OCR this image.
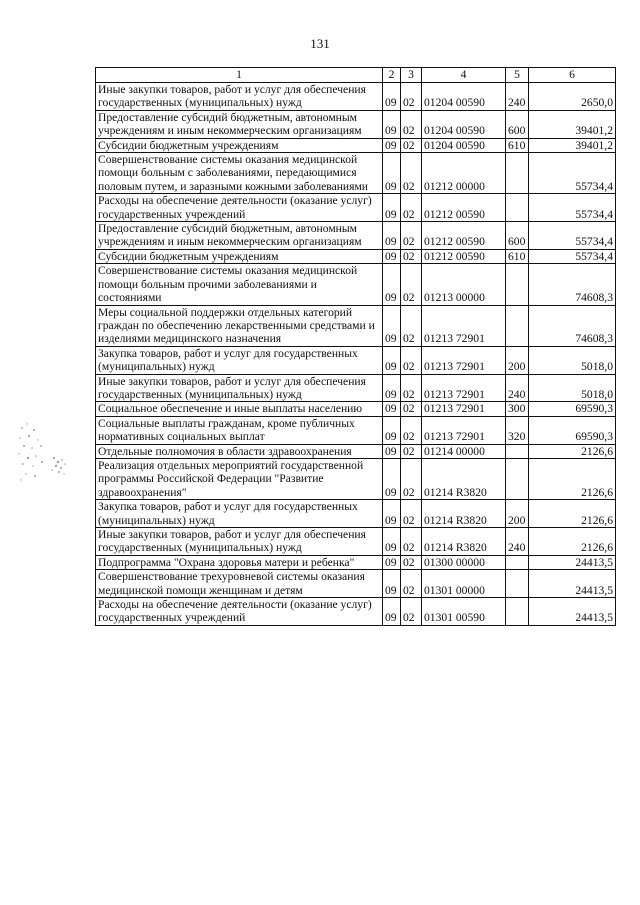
131
1	2	3	4	5	6
Иные закупки товаров, работ и услуг для обеспечения государственных (муниципальных) нужд	09	02	01204 00590	240	2650,0
Предоставление субсидий бюджетным, автономным учреждениям и иным некоммерческим организациям	09	02	01204 00590	600	39401,2
Субсидии бюджетным учреждениям	09	02	01204 00590	610	39401,2
Совершенствование системы оказания медицинской помощи больным с заболеваниями, передающимися половым путем, и заразными кожными заболеваниями	09	02	01212 00000		55734,4
Расходы на обеспечение деятельности (оказание услуг) государственных учреждений	09	02	01212 00590		55734,4
Предоставление субсидий бюджетным, автономным учреждениям и иным некоммерческим организациям	09	02	01212 00590	600	55734,4
Субсидии бюджетным учреждениям	09	02	01212 00590	610	55734,4
Совершенствование системы оказания медицинской помощи больным прочими заболеваниями и состояниями	09	02	01213 00000		74608,3
Меры социальной поддержки отдельных категорий граждан по обеспечению лекарственными средствами и изделиями медицинского назначения	09	02	01213 72901		74608,3
Закупка товаров, работ и услуг для государственных (муниципальных) нужд	09	02	01213 72901	200	5018,0
Иные закупки товаров, работ и услуг для обеспечения государственных (муниципальных) нужд	09	02	01213 72901	240	5018,0
Социальное обеспечение и иные выплаты населению	09	02	01213 72901	300	69590,3
Социальные выплаты гражданам, кроме публичных нормативных социальных выплат	09	02	01213 72901	320	69590,3
Отдельные полномочия в области здравоохранения	09	02	01214 00000		2126,6
Реализация отдельных мероприятий государственной программы Российской Федерации "Развитие здравоохранения"	09	02	01214 R3820		2126,6
Закупка товаров, работ и услуг для государственных (муниципальных) нужд	09	02	01214 R3820	200	2126,6
Иные закупки товаров, работ и услуг для обеспечения государственных (муниципальных) нужд	09	02	01214 R3820	240	2126,6
Подпрограмма "Охрана здоровья матери и ребенка"	09	02	01300 00000		24413,5
Совершенствование трехуровневой системы оказания медицинской помощи женщинам и детям	09	02	01301 00000		24413,5
Расходы на обеспечение деятельности (оказание услуг) государственных учреждений	09	02	01301 00590		24413,5
